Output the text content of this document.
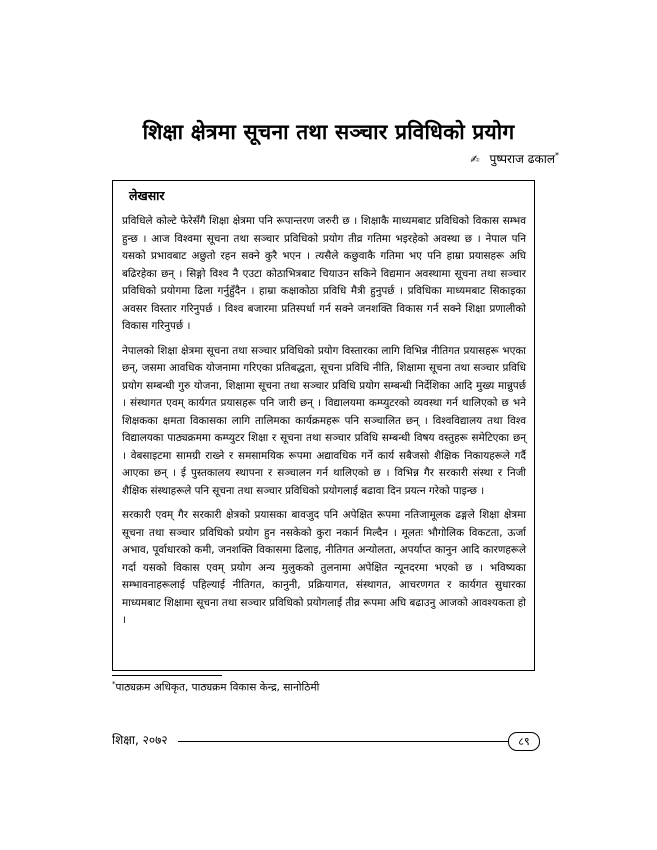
शिक्षा क्षेत्रमा सूचना तथा सञ्चार प्रविधिको प्रयोग
✍ पुष्पराज ढकाल*
लेखसार

प्रविधिले कोल्टे फेरेसँगै शिक्षा क्षेत्रमा पनि रूपान्तरण जरुरी छ । शिक्षाकै माध्यमबाट प्रविधिको विकास सम्भव हुन्छ । आज विश्वमा सूचना तथा सञ्चार प्रविधिको प्रयोग तीव्र गतिमा भइरहेको अवस्था छ । नेपाल पनि यसको प्रभावबाट अछुतो रहन सक्ने कुरै भएन । त्यसैले कछुवाकै गतिमा भए पनि हाम्रा प्रयासहरू अघि बढिरहेका छन् । सिङ्गो विश्व नै एउटा कोठाभित्रबाट चियाउन सकिने विद्यमान अवस्थामा सूचना तथा सञ्चार प्रविधिको प्रयोगमा ढिला गर्नुहुँदैन । हाम्रा कक्षाकोठा प्रविधि मैत्री हुनुपर्छ । प्रविधिका माध्यमबाट सिकाइका अवसर विस्तार गरिनुपर्छ । विश्व बजारमा प्रतिस्पर्धा गर्न सक्ने जनशक्ति विकास गर्न सक्ने शिक्षा प्रणालीको विकास गरिनुपर्छ ।

नेपालको शिक्षा क्षेत्रमा सूचना तथा सञ्चार प्रविधिको प्रयोग विस्तारका लागि विभिन्न नीतिगत प्रयासहरू भएका छन्, जसमा आवधिक योजनामा गरिएका प्रतिबद्धता, सूचना प्रविधि नीति, शिक्षामा सूचना तथा सञ्चार प्रविधि प्रयोग सम्बन्धी गुरु योजना, शिक्षामा सूचना तथा सञ्चार प्रविधि प्रयोग सम्बन्धी निर्देशिका आदि मुख्य मान्नुपर्छ । संस्थागत एवम् कार्यगत प्रयासहरू पनि जारी छन् । विद्यालयमा कम्प्युटरको व्यवस्था गर्न थालिएको छ भने शिक्षकका क्षमता विकासका लागि तालिमका कार्यक्रमहरू पनि सञ्चालित छन् । विश्वविद्यालय तथा विश्व विद्यालयका पाठ्यक्रममा कम्प्युटर शिक्षा र सूचना तथा सञ्चार प्रविधि सम्बन्धी विषय वस्तुहरू समेटिएका छन् । वेबसाइटमा सामग्री राख्ने र समसामयिक रूपमा अद्यावधिक गर्ने कार्य सबैजसो शैक्षिक निकायहरूले गर्दै आएका छन् । ई पुस्तकालय स्थापना र सञ्चालन गर्न थालिएको छ । विभिन्न गैर सरकारी संस्था र निजी शैक्षिक संस्थाहरूले पनि सूचना तथा सञ्चार प्रविधिको प्रयोगलाई बढावा दिन प्रयत्न गरेको पाइन्छ ।

सरकारी एवम् गैर सरकारी क्षेत्रको प्रयासका बावजुद पनि अपेक्षित रूपमा नतिजामूलक ढङ्गले शिक्षा क्षेत्रमा सूचना तथा सञ्चार प्रविधिको प्रयोग हुन नसकेको कुरा नकार्न मिल्दैन । मूलतः भौगोलिक विकटता, ऊर्जा अभाव, पूर्वाधारको कमी, जनशक्ति विकासमा ढिलाइ, नीतिगत अन्योलता, अपर्याप्त कानुन आदि कारणहरूले गर्दा यसको विकास एवम् प्रयोग अन्य मुलुकको तुलनामा अपेक्षित न्यूनदरमा भएको छ । भविष्यका सम्भावनाहरूलाई पहिल्याई नीतिगत, कानुनी, प्रक्रियागत, संस्थागत, आचरणगत र कार्यगत सुधारका माध्यमबाट शिक्षामा सूचना तथा सञ्चार प्रविधिको प्रयोगलाई तीव्र रूपमा अघि बढाउनु आजको आवश्यकता हो ।

*पाठ्यक्रम अधिकृत, पाठ्यक्रम विकास केन्द्र, सानोठिमी
शिक्षा, २०७२	८९
